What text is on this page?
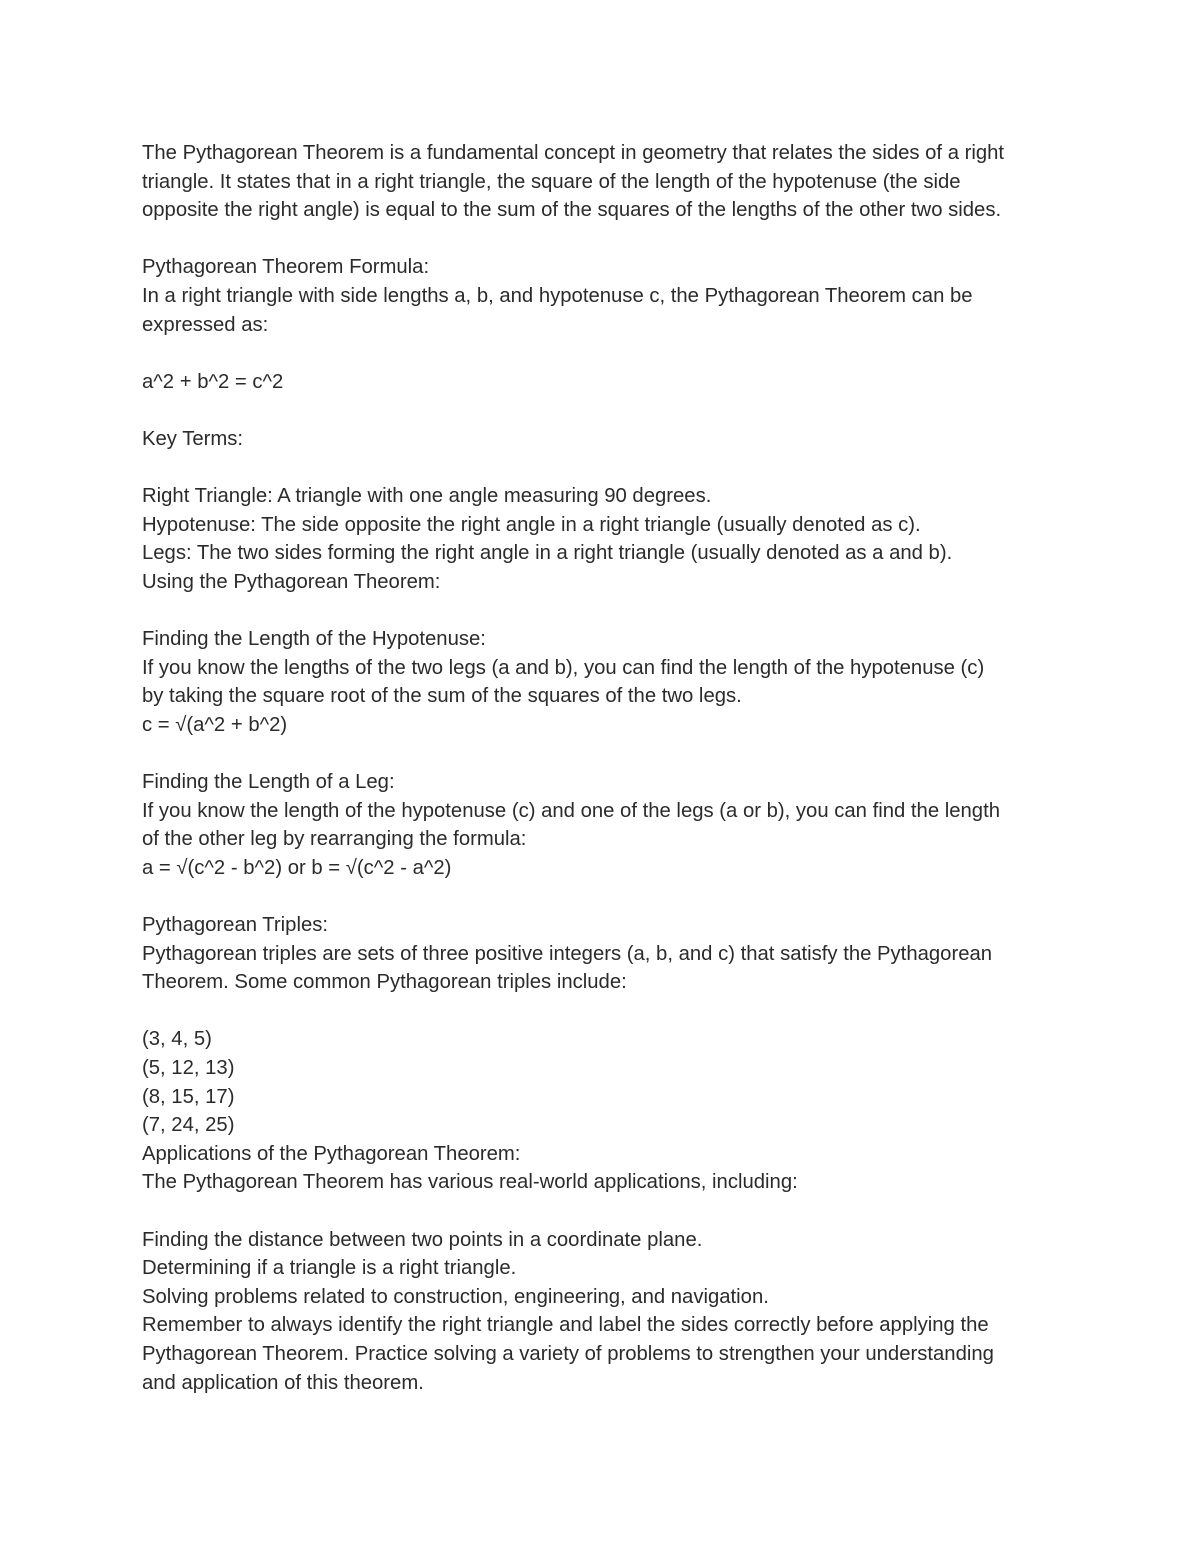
The Pythagorean Theorem is a fundamental concept in geometry that relates the sides of a right
triangle. It states that in a right triangle, the square of the length of the hypotenuse (the side
opposite the right angle) is equal to the sum of the squares of the lengths of the other two sides.
Pythagorean Theorem Formula:
In a right triangle with side lengths a, b, and hypotenuse c, the Pythagorean Theorem can be
expressed as:
a^2 + b^2 = c^2
Key Terms:
Right Triangle: A triangle with one angle measuring 90 degrees.
Hypotenuse: The side opposite the right angle in a right triangle (usually denoted as c).
Legs: The two sides forming the right angle in a right triangle (usually denoted as a and b).
Using the Pythagorean Theorem:
Finding the Length of the Hypotenuse:
If you know the lengths of the two legs (a and b), you can find the length of the hypotenuse (c)
by taking the square root of the sum of the squares of the two legs.
c = √(a^2 + b^2)
Finding the Length of a Leg:
If you know the length of the hypotenuse (c) and one of the legs (a or b), you can find the length
of the other leg by rearranging the formula:
a = √(c^2 - b^2) or b = √(c^2 - a^2)
Pythagorean Triples:
Pythagorean triples are sets of three positive integers (a, b, and c) that satisfy the Pythagorean
Theorem. Some common Pythagorean triples include:
(3, 4, 5)
(5, 12, 13)
(8, 15, 17)
(7, 24, 25)
Applications of the Pythagorean Theorem:
The Pythagorean Theorem has various real-world applications, including:
Finding the distance between two points in a coordinate plane.
Determining if a triangle is a right triangle.
Solving problems related to construction, engineering, and navigation.
Remember to always identify the right triangle and label the sides correctly before applying the
Pythagorean Theorem. Practice solving a variety of problems to strengthen your understanding
and application of this theorem.
